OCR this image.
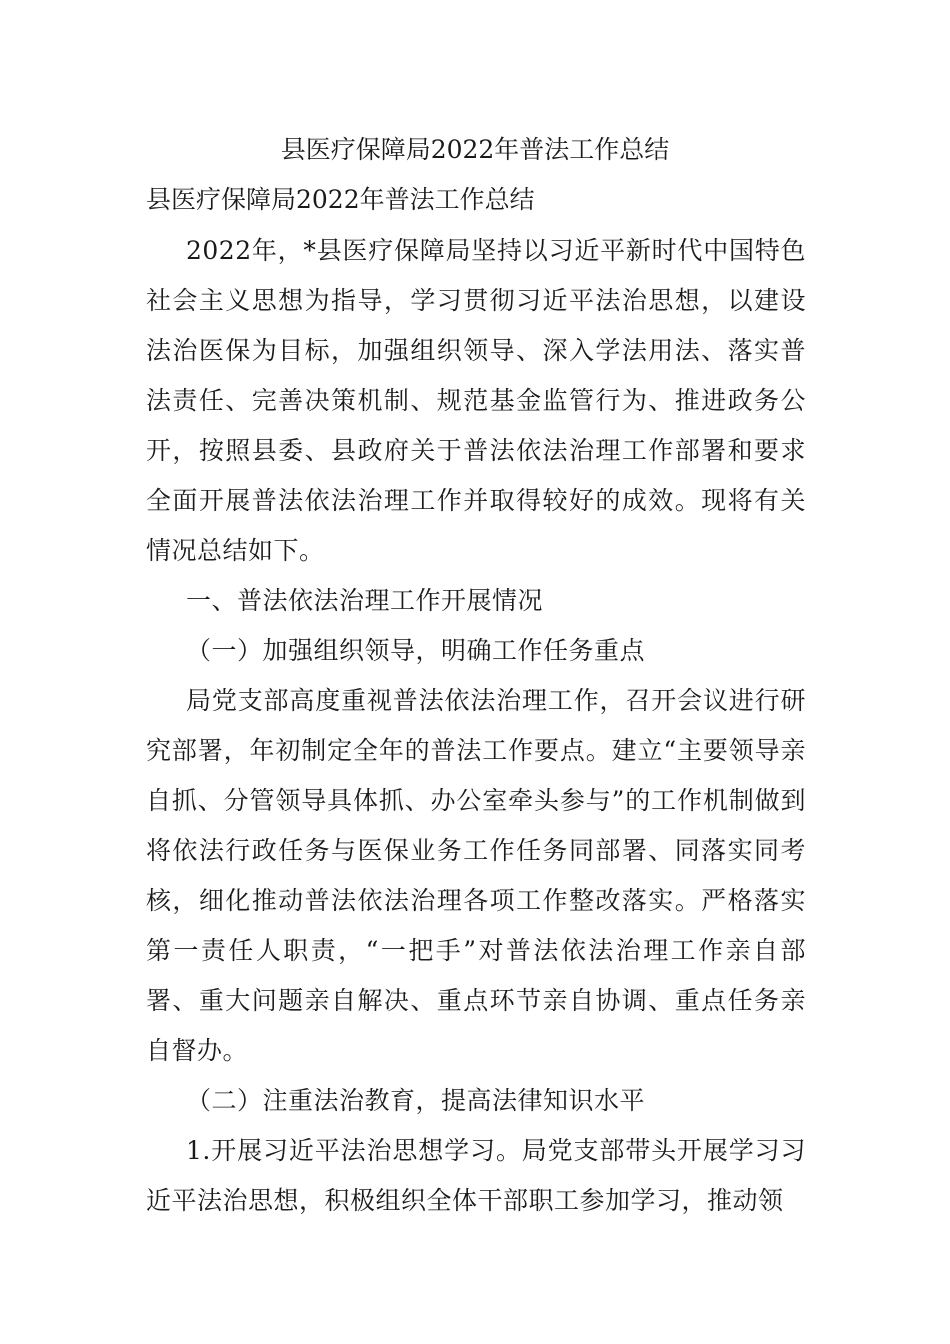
县医疗保障局2022年普法工作总结
县医疗保障局2022年普法工作总结
2022年，*县医疗保障局坚持以习近平新时代中国特色社会主义思想为指导，学习贯彻习近平法治思想，以建设法治医保为目标，加强组织领导、深入学法用法、落实普法责任、完善决策机制、规范基金监管行为、推进政务公开，按照县委、县政府关于普法依法治理工作部署和要求全面开展普法依法治理工作并取得较好的成效。现将有关情况总结如下。
一、普法依法治理工作开展情况
（一）加强组织领导，明确工作任务重点
局党支部高度重视普法依法治理工作，召开会议进行研究部署，年初制定全年的普法工作要点。建立“主要领导亲自抓、分管领导具体抓、办公室牵头参与”的工作机制做到将依法行政任务与医保业务工作任务同部署、同落实同考核，细化推动普法依法治理各项工作整改落实。严格落实第一责任人职责，“一把手”对普法依法治理工作亲自部署、重大问题亲自解决、重点环节亲自协调、重点任务亲自督办。
（二）注重法治教育，提高法律知识水平
1.开展习近平法治思想学习。局党支部带头开展学习习近平法治思想，积极组织全体干部职工参加学习，推动领
